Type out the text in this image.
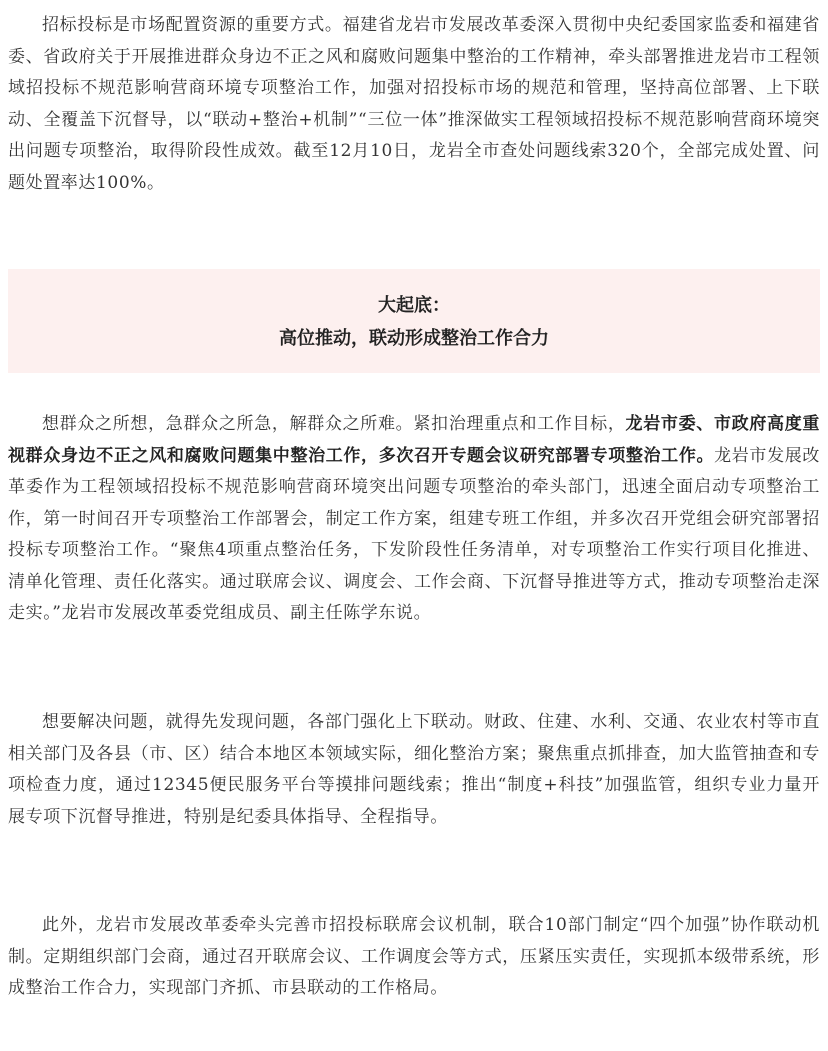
招标投标是市场配置资源的重要方式。福建省龙岩市发展改革委深入贯彻中央纪委国家监委和福建省委、省政府关于开展推进群众身边不正之风和腐败问题集中整治的工作精神，牵头部署推进龙岩市工程领域招投标不规范影响营商环境专项整治工作，加强对招投标市场的规范和管理，坚持高位部署、上下联动、全覆盖下沉督导，以“联动+整治+机制”“三位一体”推深做实工程领域招投标不规范影响营商环境突出问题专项整治，取得阶段性成效。截至12月10日，龙岩全市查处问题线索320个，全部完成处置、问题处置率达100%。

大起底：
高位推动，联动形成整治工作合力

想群众之所想，急群众之所急，解群众之所难。紧扣治理重点和工作目标，龙岩市委、市政府高度重视群众身边不正之风和腐败问题集中整治工作，多次召开专题会议研究部署专项整治工作。龙岩市发展改革委作为工程领域招投标不规范影响营商环境突出问题专项整治的牵头部门，迅速全面启动专项整治工作，第一时间召开专项整治工作部署会，制定工作方案，组建专班工作组，并多次召开党组会研究部署招投标专项整治工作。“聚焦4项重点整治任务，下发阶段性任务清单，对专项整治工作实行项目化推进、清单化管理、责任化落实。通过联席会议、调度会、工作会商、下沉督导推进等方式，推动专项整治走深走实。”龙岩市发展改革委党组成员、副主任陈学东说。

想要解决问题，就得先发现问题，各部门强化上下联动。财政、住建、水利、交通、农业农村等市直相关部门及各县（市、区）结合本地区本领域实际，细化整治方案；聚焦重点抓排查，加大监管抽查和专项检查力度，通过12345便民服务平台等摸排问题线索；推出“制度+科技”加强监管，组织专业力量开展专项下沉督导推进，特别是纪委具体指导、全程指导。

此外，龙岩市发展改革委牵头完善市招投标联席会议机制，联合10部门制定“四个加强”协作联动机制。定期组织部门会商，通过召开联席会议、工作调度会等方式，压紧压实责任，实现抓本级带系统，形成整治工作合力，实现部门齐抓、市县联动的工作格局。
